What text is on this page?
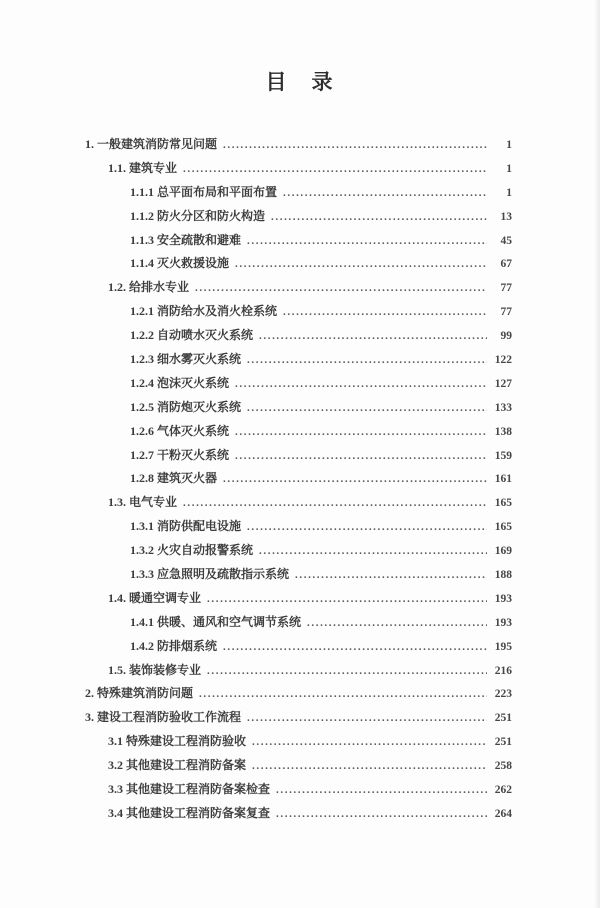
目　录
1. 一般建筑消防常见问题 .....	1
1.1. 建筑专业 .....	1
1.1.1 总平面布局和平面布置 .....	1
1.1.2 防火分区和防火构造 .....	13
1.1.3 安全疏散和避难 .....	45
1.1.4 灭火救援设施 .....	67
1.2. 给排水专业 .....	77
1.2.1 消防给水及消火栓系统 .....	77
1.2.2 自动喷水灭火系统 .....	99
1.2.3 细水雾灭火系统 .....	122
1.2.4 泡沫灭火系统 .....	127
1.2.5 消防炮灭火系统 .....	133
1.2.6 气体灭火系统 .....	138
1.2.7 干粉灭火系统 .....	159
1.2.8 建筑灭火器 .....	161
1.3. 电气专业 .....	165
1.3.1 消防供配电设施 .....	165
1.3.2 火灾自动报警系统 .....	169
1.3.3 应急照明及疏散指示系统 .....	188
1.4. 暖通空调专业 .....	193
1.4.1 供暖、通风和空气调节系统 .....	193
1.4.2 防排烟系统 .....	195
1.5. 装饰装修专业 .....	216
2. 特殊建筑消防问题 .....	223
3. 建设工程消防验收工作流程 .....	251
3.1 特殊建设工程消防验收 .....	251
3.2 其他建设工程消防备案 .....	258
3.3 其他建设工程消防备案检查 .....	262
3.4 其他建设工程消防备案复查 .....	264
